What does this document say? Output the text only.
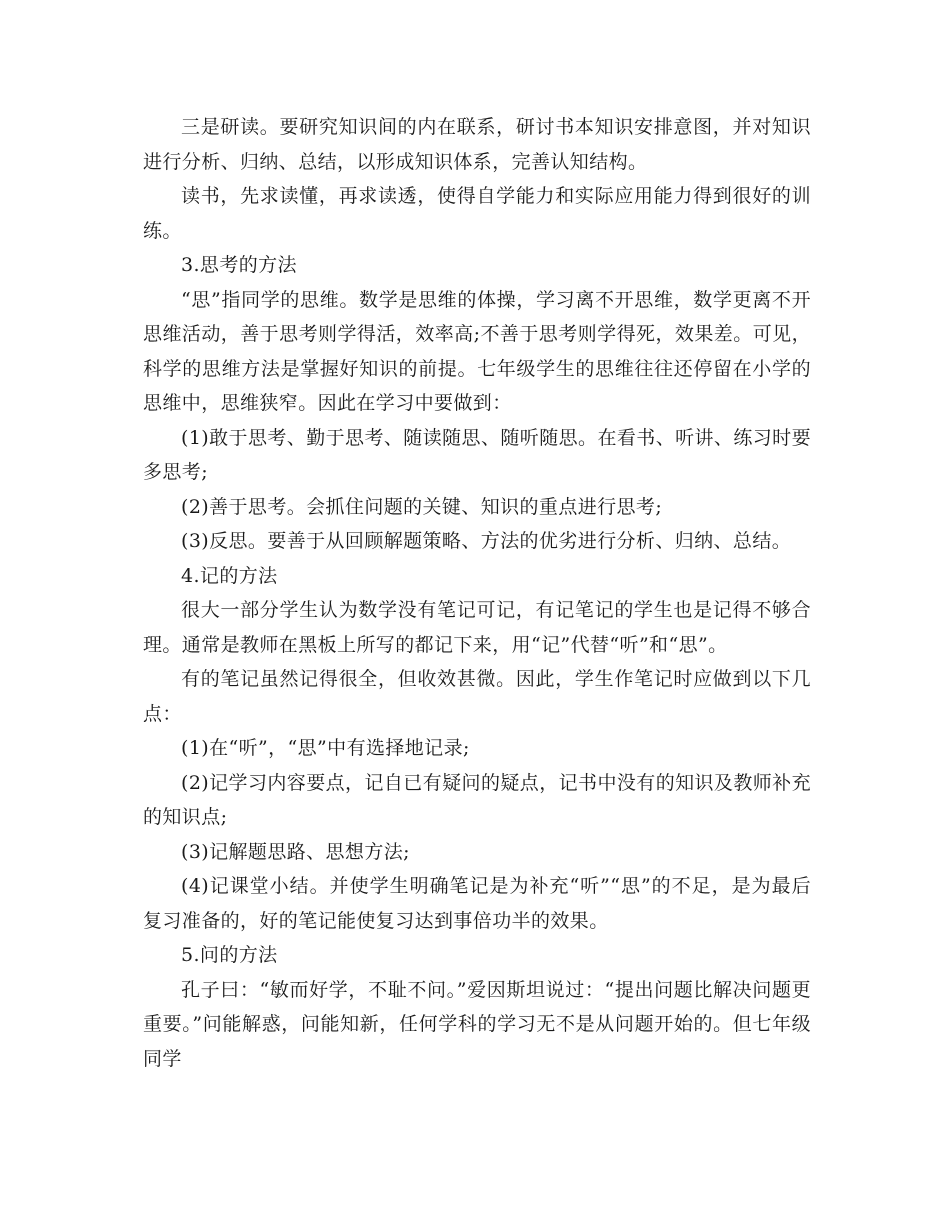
三是研读。要研究知识间的内在联系，研讨书本知识安排意图，并对知识进行分析、归纳、总结，以形成知识体系，完善认知结构。

读书，先求读懂，再求读透，使得自学能力和实际应用能力得到很好的训练。

3.思考的方法

“思”指同学的思维。数学是思维的体操，学习离不开思维，数学更离不开思维活动，善于思考则学得活，效率高;不善于思考则学得死，效果差。可见，科学的思维方法是掌握好知识的前提。七年级学生的思维往往还停留在小学的思维中，思维狭窄。因此在学习中要做到：

(1)敢于思考、勤于思考、随读随思、随听随思。在看书、听讲、练习时要多思考;

(2)善于思考。会抓住问题的关键、知识的重点进行思考;

(3)反思。要善于从回顾解题策略、方法的优劣进行分析、归纳、总结。

4.记的方法

很大一部分学生认为数学没有笔记可记，有记笔记的学生也是记得不够合理。通常是教师在黑板上所写的都记下来，用“记”代替“听”和“思”。

有的笔记虽然记得很全，但收效甚微。因此，学生作笔记时应做到以下几点：

(1)在“听”，“思”中有选择地记录;

(2)记学习内容要点，记自已有疑问的疑点，记书中没有的知识及教师补充的知识点;

(3)记解题思路、思想方法;

(4)记课堂小结。并使学生明确笔记是为补充“听”“思”的不足，是为最后复习准备的，好的笔记能使复习达到事倍功半的效果。

5.问的方法

孔子曰：“敏而好学，不耻不问。”爱因斯坦说过：“提出问题比解决问题更重要。”问能解惑，问能知新，任何学科的学习无不是从问题开始的。但七年级同学
